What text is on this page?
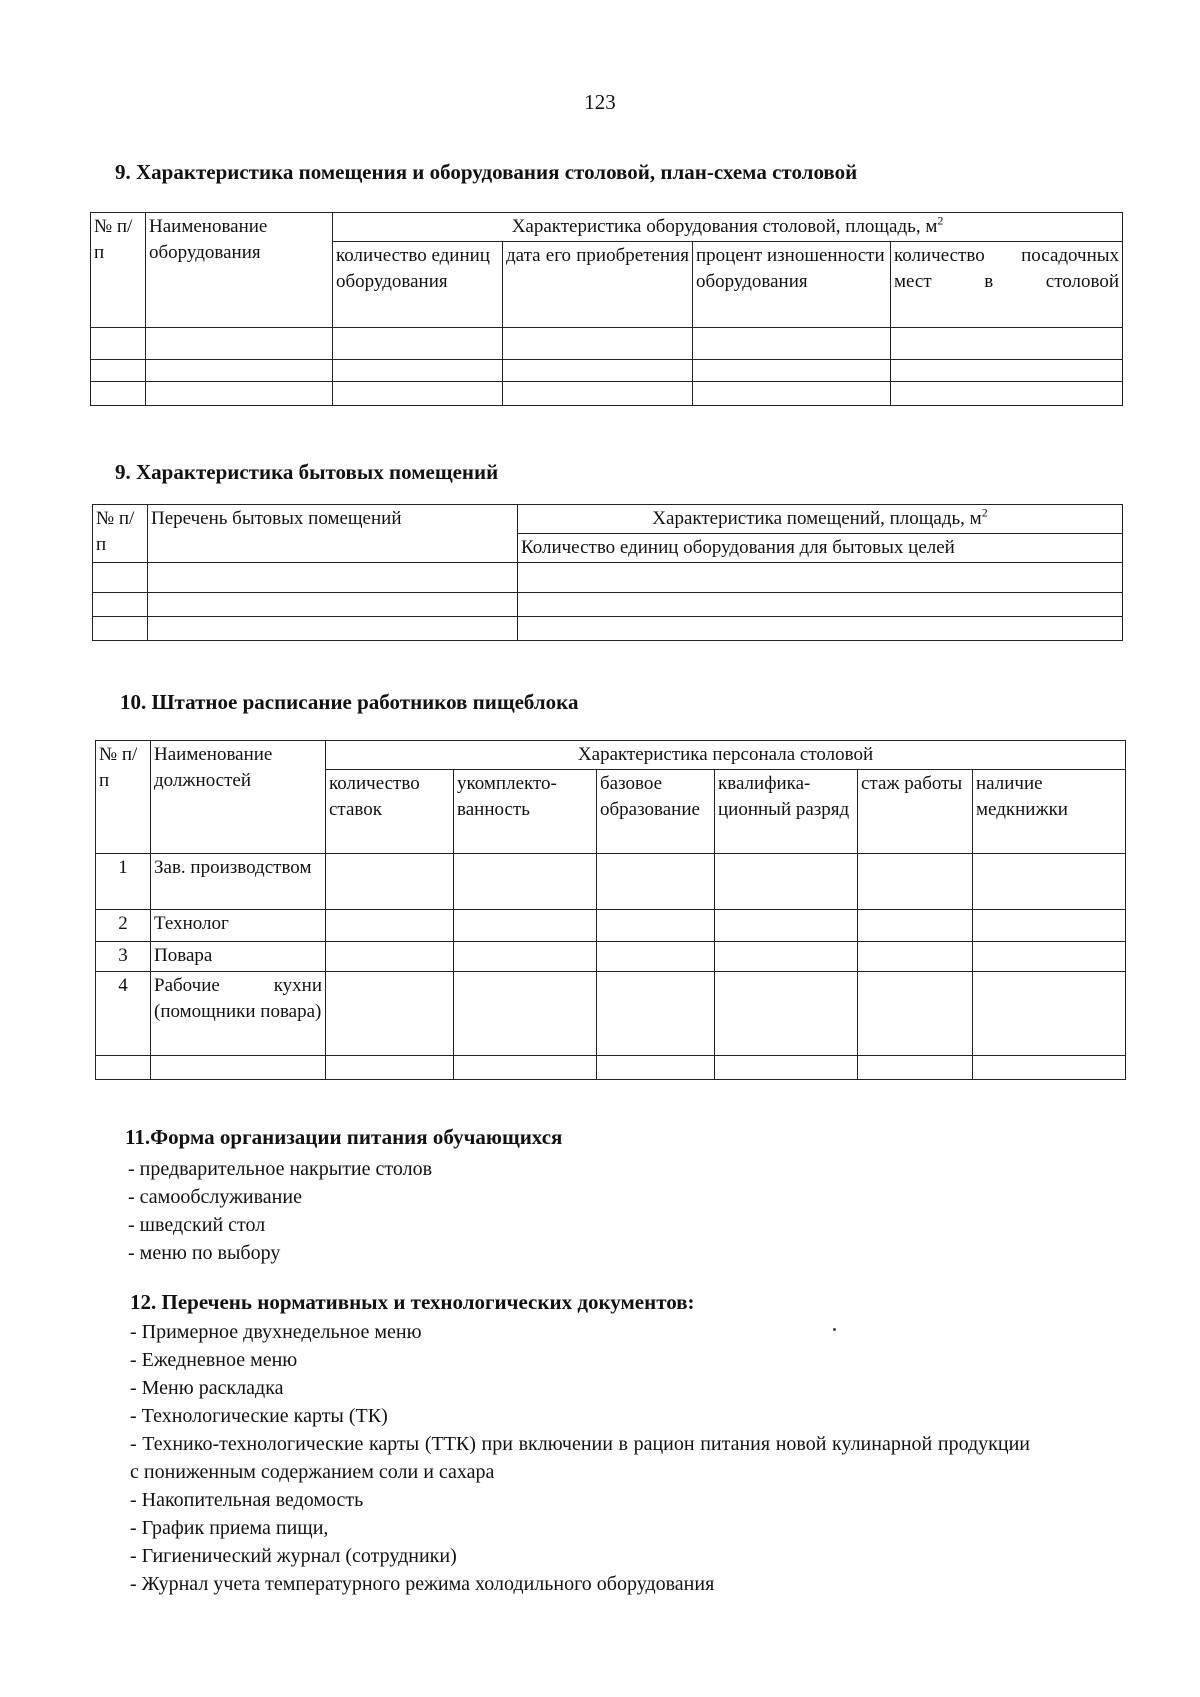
123
9. Характеристика помещения и оборудования столовой, план-схема столовой
№ п/п	Наименование оборудования	Характеристика оборудования столовой, площадь, $м^2$
		количество единиц оборудования	дата его приобретения	процент изношенности оборудования	количество посадочных мест в столовой

9. Характеристика бытовых помещений
№ п/п	Перечень бытовых помещений	Характеристика помещений, площадь, $м^2$
		Количество единиц оборудования для бытовых целей

10. Штатное расписание работников пищеблока
№ п/п	Наименование должностей	Характеристика персонала столовой					
		количество ставок	укомплекто-ванность	базовое образование	квалифика-ционный разряд	стаж работы	наличие медкнижки
1	Зав. производством						
2	Технолог						
3	Повара						
4	Рабочие кухни (помощники повара)						

11.Форма организации питания обучающихся
- предварительное накрытие столов
- самообслуживание
- шведский стол
- меню по выбору
12. Перечень нормативных и технологических документов:
- Примерное двухнедельное меню
- Ежедневное меню
- Меню раскладка
- Технологические карты (ТК)
- Технико-технологические карты (ТТК) при включении в рацион питания новой кулинарной продукции с пониженным содержанием соли и сахара
- Накопительная ведомость
- График приема пищи,
- Гигиенический журнал (сотрудники)
- Журнал учета температурного режима холодильного оборудования
